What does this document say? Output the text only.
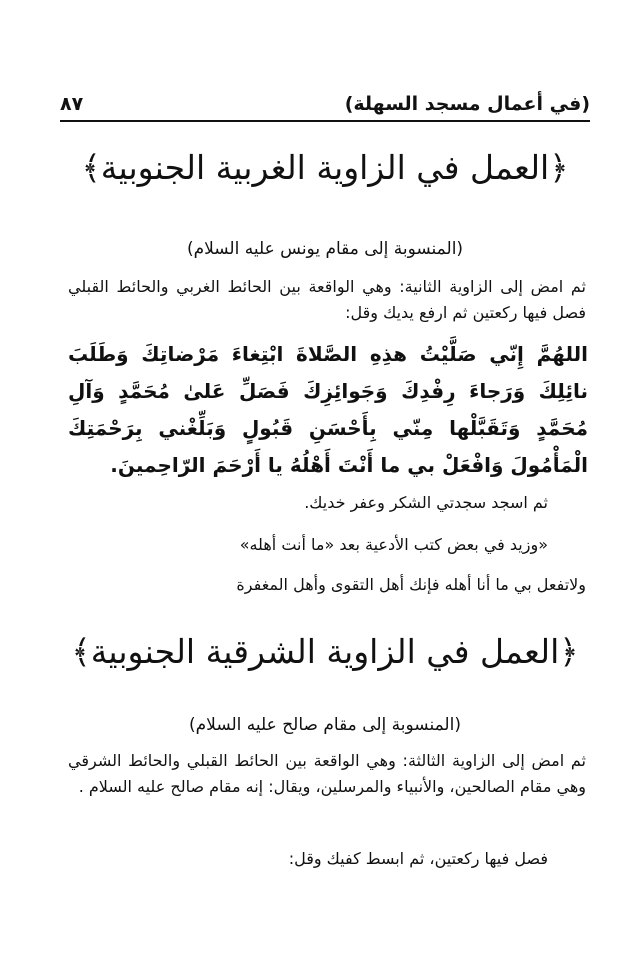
(في أعمال مسجد السهلة)
٨٧
﴿العمل في الزاوية الغربية الجنوبية﴾
(المنسوبة إلى مقام يونس عليه السلام)
ثم امض إلى الزاوية الثانية: وهي الواقعة بين الحائط الغربي والحائط القبلي فصل فيها ركعتين ثم ارفع يديك وقل:
اللهُمَّ إِنّي صَلَّيْتُ هذِهِ الصَّلاةَ ابْتِغاءَ مَرْضاتِكَ وَطَلَبَ نائِلِكَ وَرَجاءَ رِفْدِكَ وَجَوائِزِكَ فَصَلِّ عَلىٰ مُحَمَّدٍ وَآلِ مُحَمَّدٍ وَتَقَبَّلْها مِنّي بِأَحْسَنِ قَبُولٍ وَبَلِّغْني بِرَحْمَتِكَ الْمَأْمُولَ وَافْعَلْ بي ما أَنْتَ أَهْلُهُ يا أَرْحَمَ الرّاحِمينَ.
ثم اسجد سجدتي الشكر وعفر خديك.
«وزيد في بعض كتب الأدعية بعد «ما أنت أهله»
ولاتفعل بي ما أنا أهله فإنك أهل التقوى وأهل المغفرة
﴿العمل في الزاوية الشرقية الجنوبية﴾
(المنسوبة إلى مقام صالح عليه السلام)
ثم امض إلى الزاوية الثالثة: وهي الواقعة بين الحائط القبلي والحائط الشرقي وهي مقام الصالحين، والأنبياء والمرسلين، ويقال: إنه مقام صالح عليه السلام .
فصل فيها ركعتين، ثم ابسط كفيك وقل:
